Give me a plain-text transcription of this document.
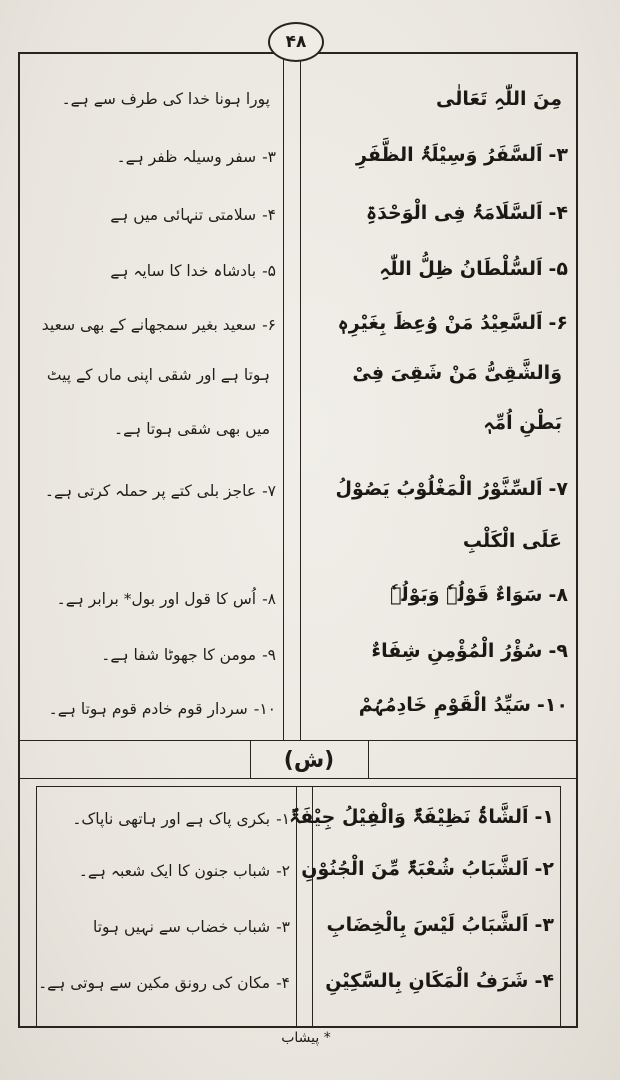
۴۸
(ش)
مِنَ اللّٰہِ تَعَالٰی
۳-اَلسَّفَرُ وَسِیْلَۃُ الظَّفَرِ
۴-اَلسَّلَامَۃُ فِی الْوَحْدَۃِ
۵-اَلسُّلْطَانُ ظِلُّ اللّٰہِ
۶-اَلسَّعِیْدُ مَنْ وُعِظَ بِغَیْرِہٖ
وَالشَّقِیُّ مَنْ شَقِیَ فِیْ
بَطْنِ اُمِّہٖ
۷-اَلسِّنَّوْرُ الْمَغْلُوْبُ یَصُوْلُ
عَلَی الْکَلْبِ
۸-سَوَاءٌ قَوْلُہٗ وَبَوْلُہٗ
۹-سُؤْرُ الْمُؤْمِنِ شِفَاءٌ
۱۰-سَیِّدُ الْقَوْمِ خَادِمُہُمْ
پورا ہونا خدا کی طرف سے ہے۔
۳-سفر وسیلہ ظفر ہے۔
۴-سلامتی تنہائی میں ہے
۵-بادشاہ خدا کا سایہ ہے
۶-سعید بغیر سمجھانے کے بھی سعید
ہوتا ہے اور شقی اپنی ماں کے پیٹ
میں بھی شقی ہوتا ہے۔
۷-عاجز بلی کتے پر حملہ کرتی ہے۔
۸-اُس کا قول اور بول* برابر ہے۔
۹-مومن کا جھوٹا شفا ہے۔
۱۰-سردار قوم خادم قوم ہوتا ہے۔
۱-اَلشَّاۃُ نَظِیْفَۃٌ وَالْفِیْلُ جِیْفَۃٌ
۲-اَلشَّبَابُ شُعْبَۃٌ مِّنَ الْجُنُوْنِ
۳-اَلشَّبَابُ لَیْسَ بِالْخِضَابِ
۴-شَرَفُ الْمَکَانِ بِالسَّکِیْنِ
۱-بکری پاک ہے اور ہاتھی ناپاک۔
۲-شباب جنون کا ایک شعبہ ہے۔
۳-شباب خضاب سے نہیں ہوتا
۴-مکان کی رونق مکین سے ہوتی ہے۔
* پیشاب
